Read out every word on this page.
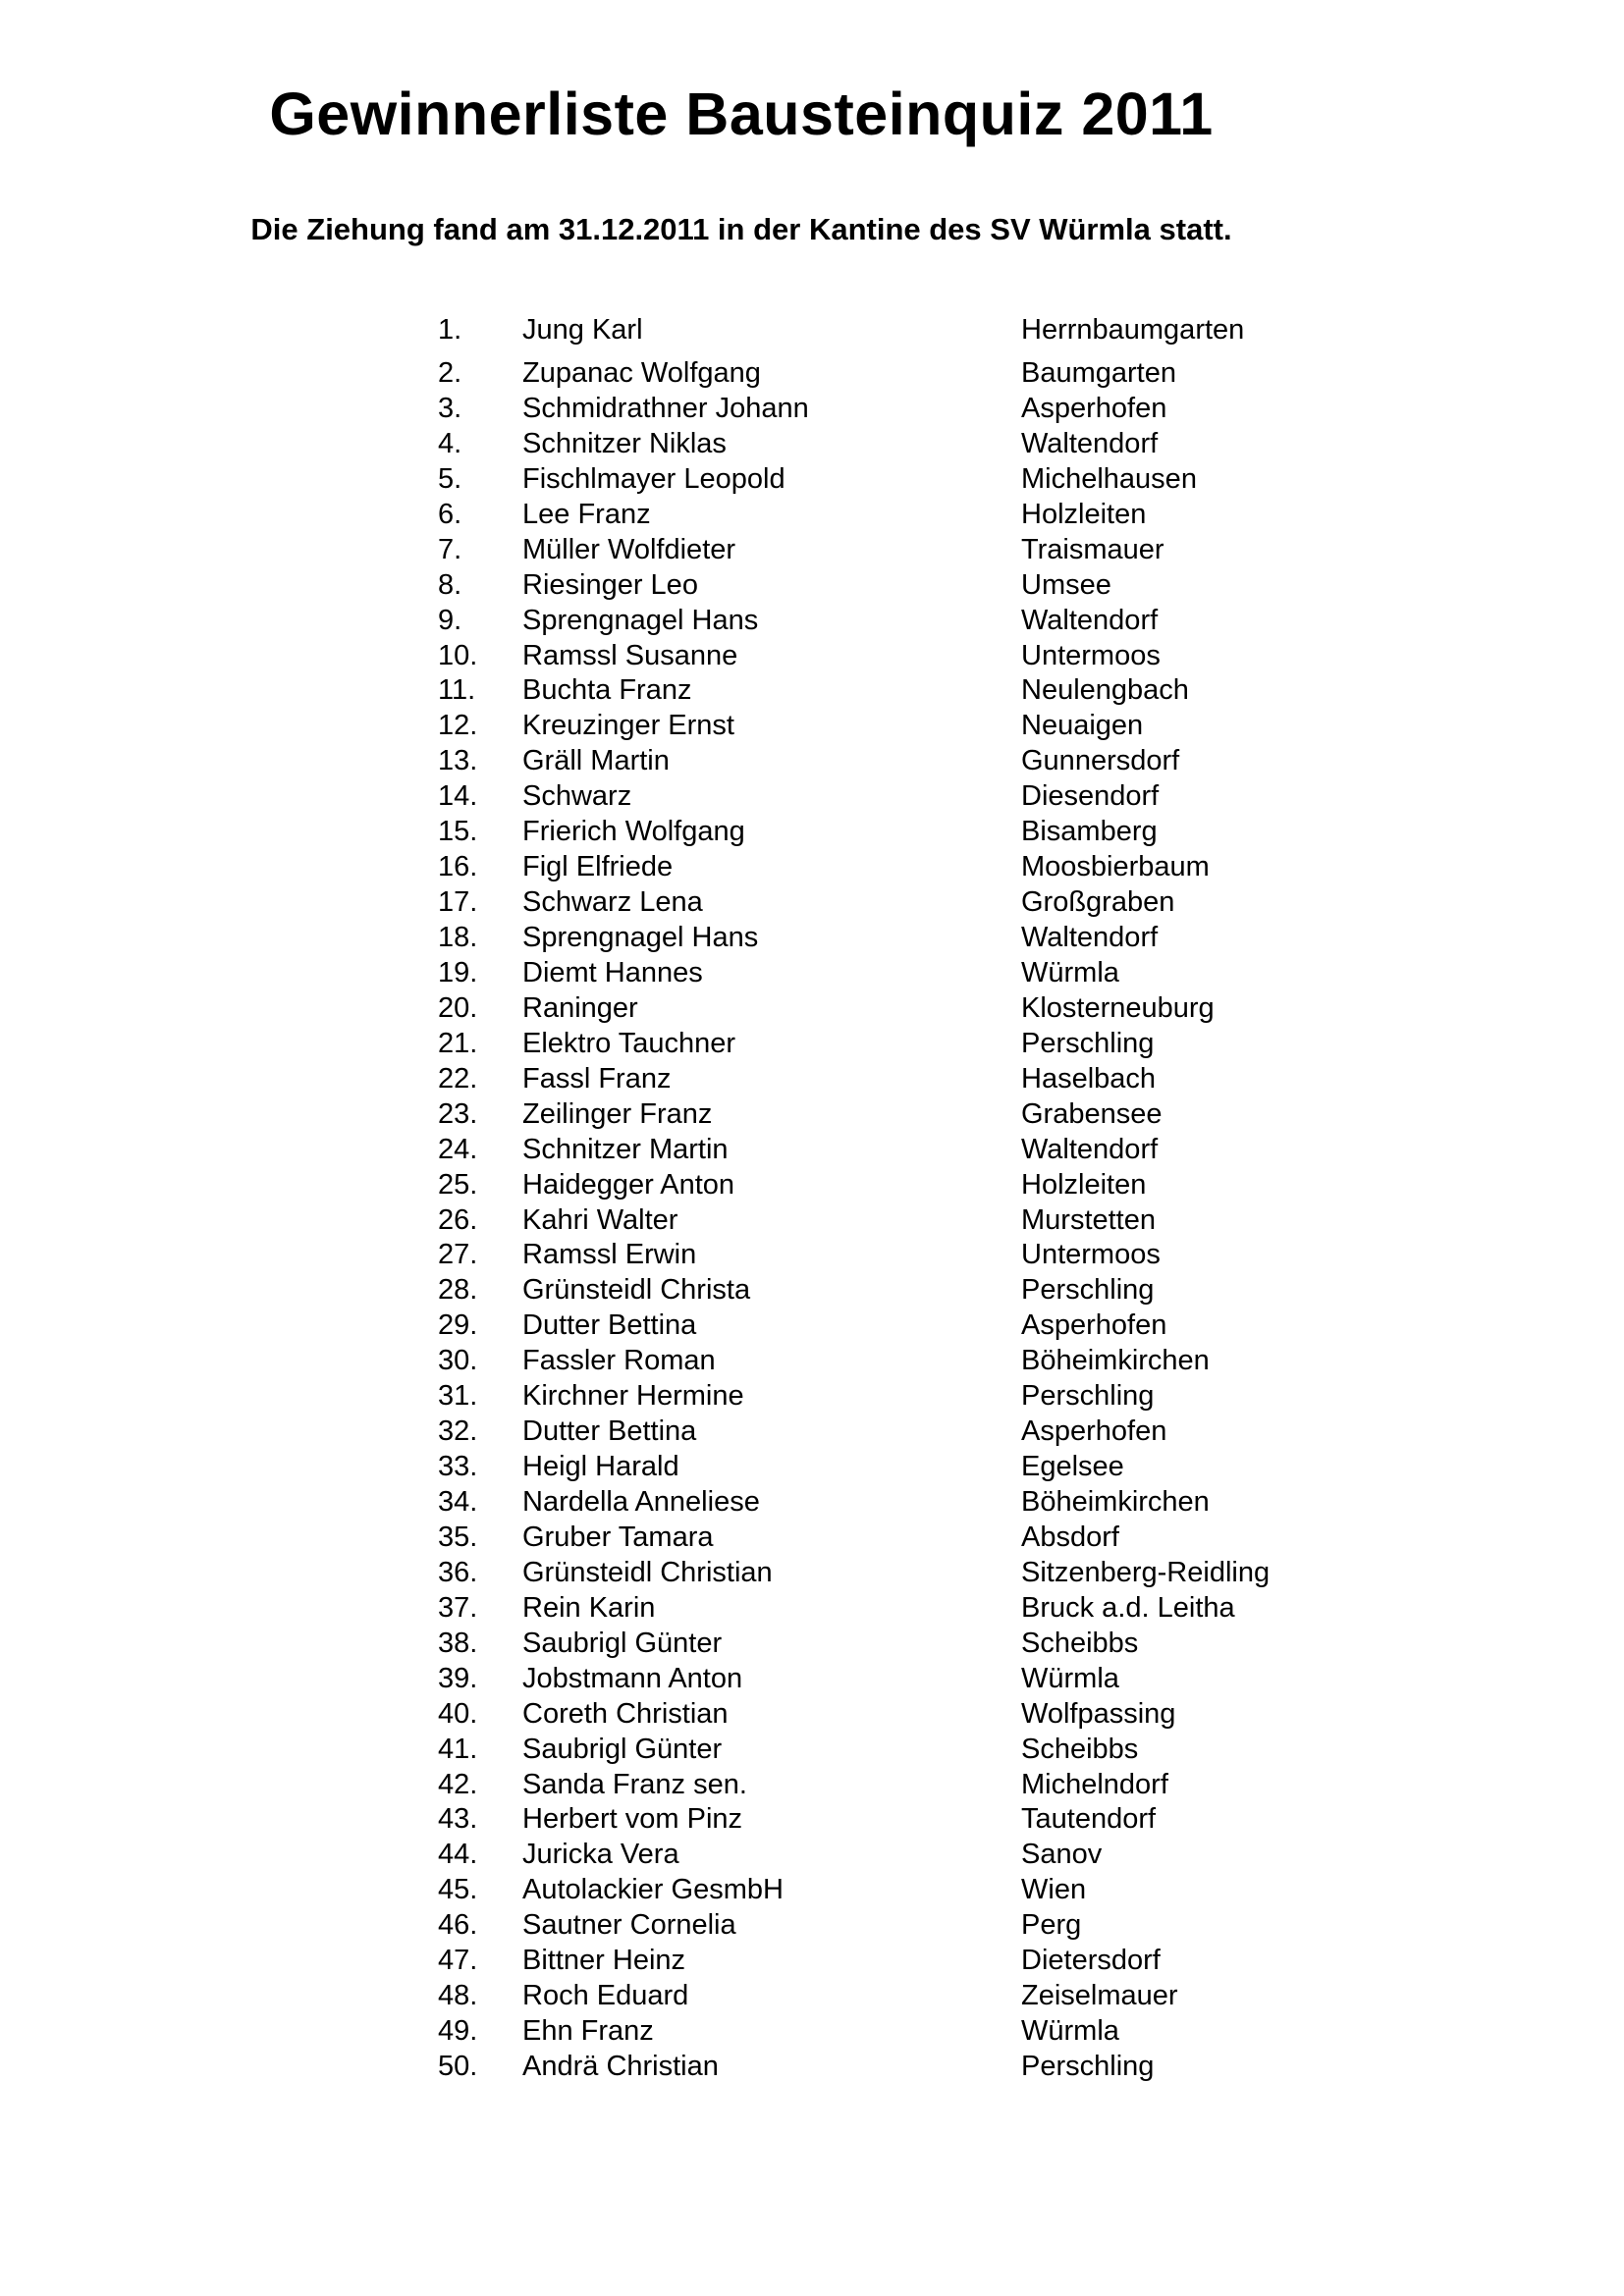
Gewinnerliste Bausteinquiz 2011
Die Ziehung fand am 31.12.2011 in der Kantine des SV Würmla statt.
1. Jung Karl	Herrnbaumgarten
2. Zupanac Wolfgang	Baumgarten
3. Schmidrathner Johann	Asperhofen
4. Schnitzer Niklas	Waltendorf
5. Fischlmayer Leopold	Michelhausen
6. Lee Franz	Holzleiten
7. Müller Wolfdieter	Traismauer
8. Riesinger Leo	Umsee
9. Sprengnagel Hans	Waltendorf
10. Ramssl Susanne	Untermoos
11. Buchta Franz	Neulengbach
12. Kreuzinger Ernst	Neuaigen
13. Gräll Martin	Gunnersdorf
14. Schwarz	Diesendorf
15. Frierich Wolfgang	Bisamberg
16. Figl Elfriede	Moosbierbaum
17. Schwarz Lena	Großgraben
18. Sprengnagel Hans	Waltendorf
19. Diemt Hannes	Würmla
20. Raninger	Klosterneuburg
21. Elektro Tauchner	Perschling
22. Fassl Franz	Haselbach
23. Zeilinger Franz	Grabensee
24. Schnitzer Martin	Waltendorf
25. Haidegger Anton	Holzleiten
26. Kahri Walter	Murstetten
27. Ramssl Erwin	Untermoos
28. Grünsteidl Christa	Perschling
29. Dutter Bettina	Asperhofen
30. Fassler Roman	Böheimkirchen
31. Kirchner Hermine	Perschling
32. Dutter Bettina	Asperhofen
33. Heigl Harald	Egelsee
34. Nardella Anneliese	Böheimkirchen
35. Gruber Tamara	Absdorf
36. Grünsteidl Christian	Sitzenberg-Reidling
37. Rein Karin	Bruck a.d. Leitha
38. Saubrigl Günter	Scheibbs
39. Jobstmann Anton	Würmla
40. Coreth Christian	Wolfpassing
41. Saubrigl Günter	Scheibbs
42. Sanda Franz sen.	Michelndorf
43. Herbert vom Pinz	Tautendorf
44. Juricka Vera	Sanov
45. Autolackier GesmbH	Wien
46. Sautner Cornelia	Perg
47. Bittner Heinz	Dietersdorf
48. Roch Eduard	Zeiselmauer
49. Ehn Franz	Würmla
50. Andrä Christian	Perschling
